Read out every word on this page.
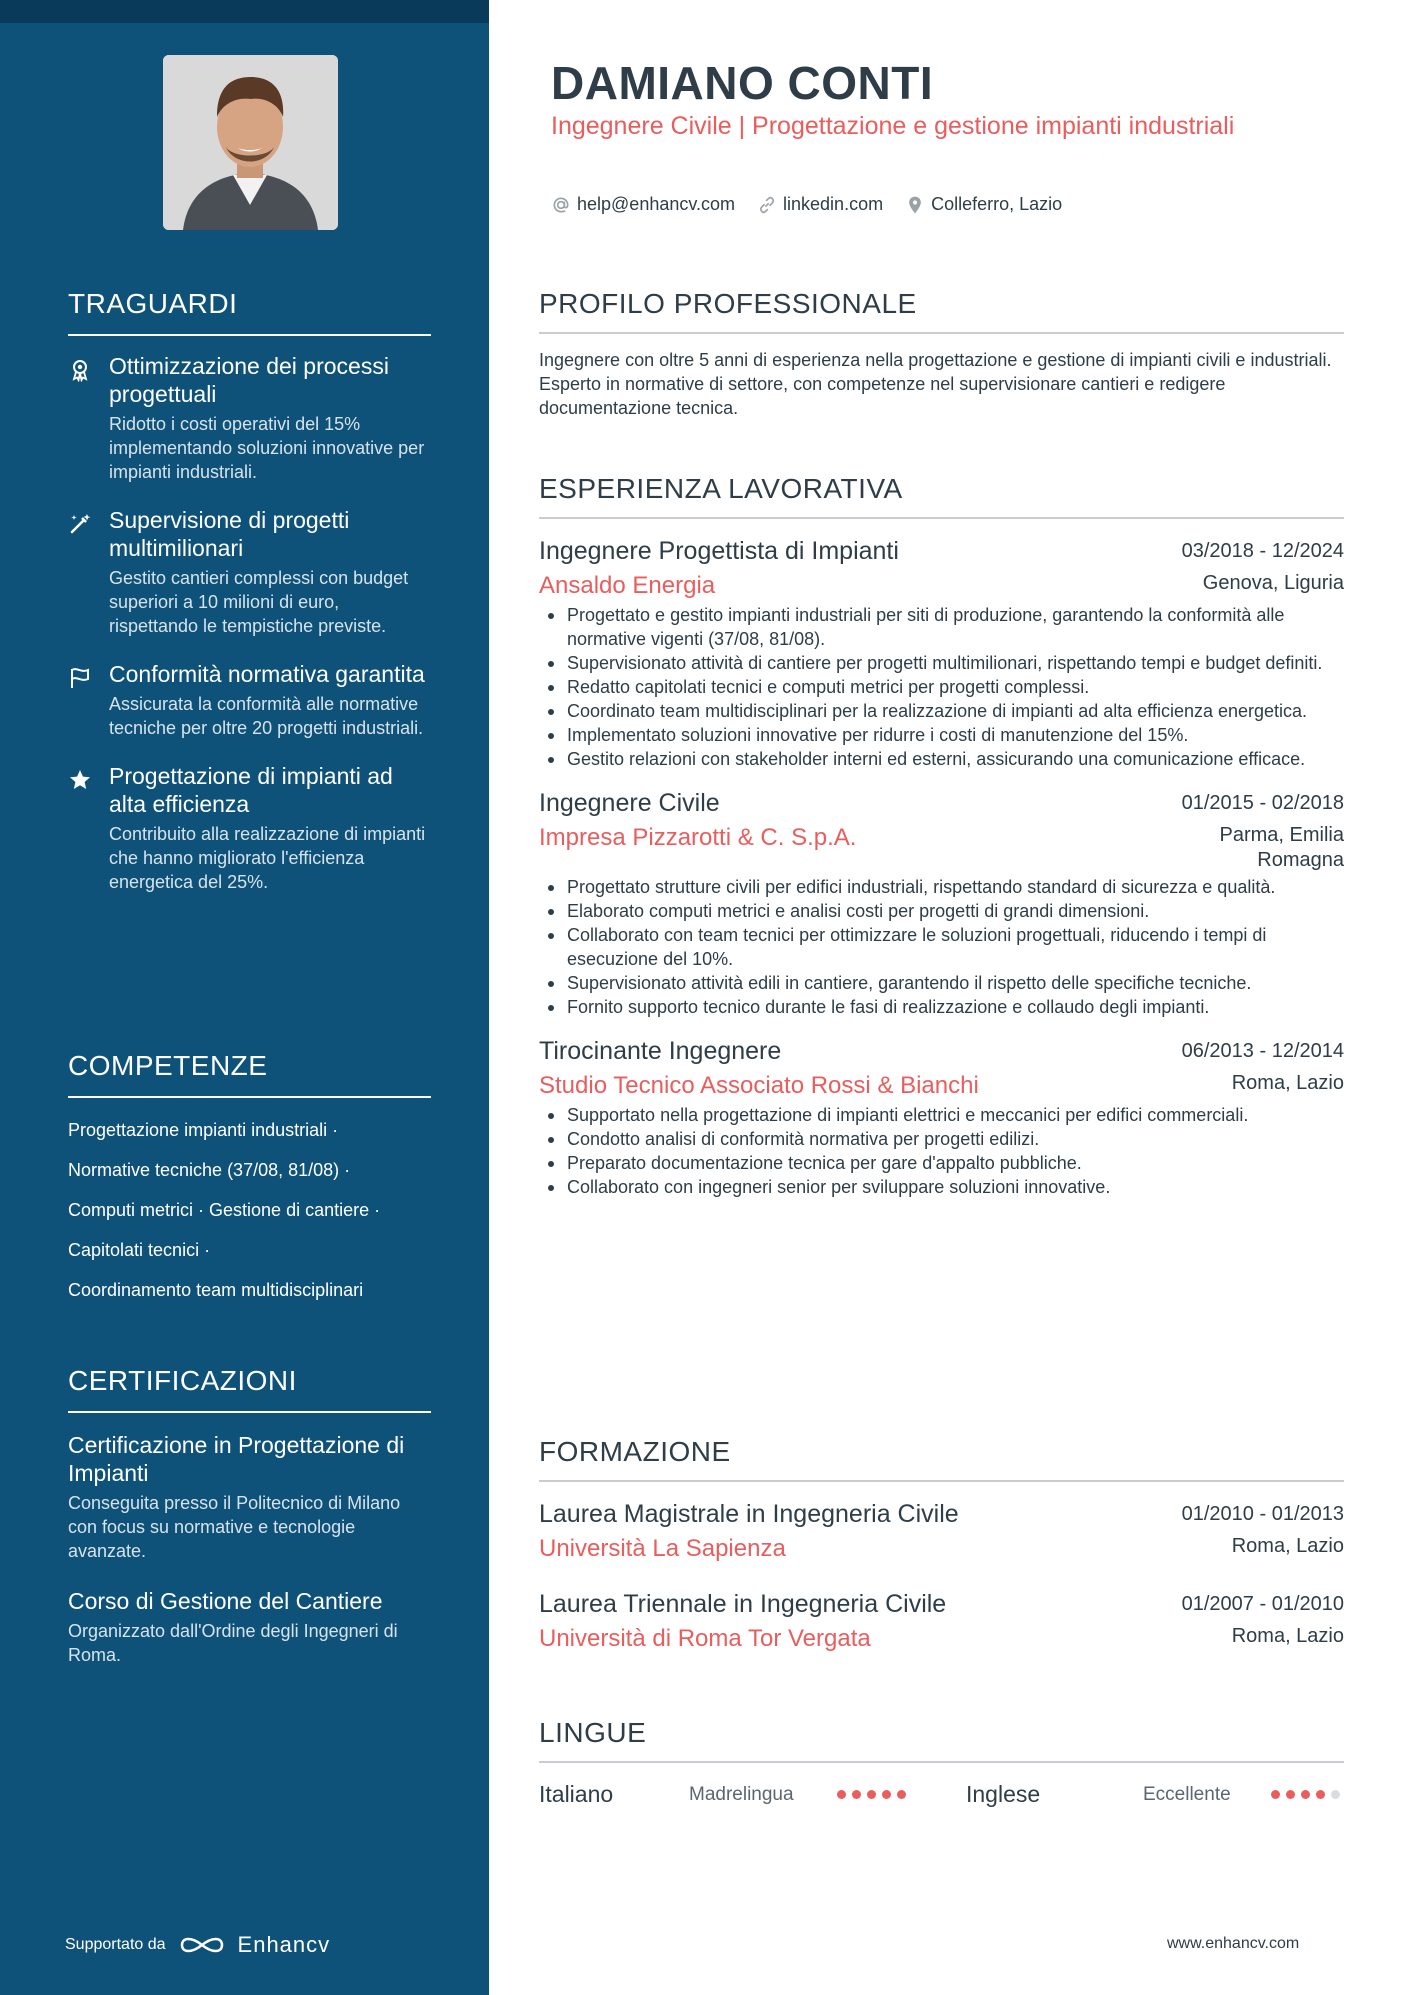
TRAGUARDI
Ottimizzazione dei processi progettuali
Ridotto i costi operativi del 15% implementando soluzioni innovative per impianti industriali.
Supervisione di progetti multimilionari
Gestito cantieri complessi con budget superiori a 10 milioni di euro, rispettando le tempistiche previste.
Conformità normativa garantita
Assicurata la conformità alle normative tecniche per oltre 20 progetti industriali.
Progettazione di impianti ad alta efficienza
Contribuito alla realizzazione di impianti che hanno migliorato l'efficienza energetica del 25%.
COMPETENZE
Progettazione impianti industriali ·
Normative tecniche (37/08, 81/08) ·
Computi metrici · Gestione di cantiere ·
Capitolati tecnici ·
Coordinamento team multidisciplinari
CERTIFICAZIONI
Certificazione in Progettazione di Impianti
Conseguita presso il Politecnico di Milano con focus su normative e tecnologie avanzate.
Corso di Gestione del Cantiere
Organizzato dall'Ordine degli Ingegneri di Roma.
Supportato da	Enhancv
DAMIANO CONTI
Ingegnere Civile | Progettazione e gestione impianti industriali
help@enhancv.com	linkedin.com	Colleferro, Lazio
PROFILO PROFESSIONALE
Ingegnere con oltre 5 anni di esperienza nella progettazione e gestione di impianti civili e industriali. Esperto in normative di settore, con competenze nel supervisionare cantieri e redigere documentazione tecnica.
ESPERIENZA LAVORATIVA
Ingegnere Progettista di Impianti	03/2018 - 12/2024
Ansaldo Energia	Genova, Liguria
Progettato e gestito impianti industriali per siti di produzione, garantendo la conformità alle normative vigenti (37/08, 81/08).
Supervisionato attività di cantiere per progetti multimilionari, rispettando tempi e budget definiti.
Redatto capitolati tecnici e computi metrici per progetti complessi.
Coordinato team multidisciplinari per la realizzazione di impianti ad alta efficienza energetica.
Implementato soluzioni innovative per ridurre i costi di manutenzione del 15%.
Gestito relazioni con stakeholder interni ed esterni, assicurando una comunicazione efficace.
Ingegnere Civile	01/2015 - 02/2018
Impresa Pizzarotti & C. S.p.A.	Parma, Emilia Romagna
Progettato strutture civili per edifici industriali, rispettando standard di sicurezza e qualità.
Elaborato computi metrici e analisi costi per progetti di grandi dimensioni.
Collaborato con team tecnici per ottimizzare le soluzioni progettuali, riducendo i tempi di esecuzione del 10%.
Supervisionato attività edili in cantiere, garantendo il rispetto delle specifiche tecniche.
Fornito supporto tecnico durante le fasi di realizzazione e collaudo degli impianti.
Tirocinante Ingegnere	06/2013 - 12/2014
Studio Tecnico Associato Rossi & Bianchi	Roma, Lazio
Supportato nella progettazione di impianti elettrici e meccanici per edifici commerciali.
Condotto analisi di conformità normativa per progetti edilizi.
Preparato documentazione tecnica per gare d'appalto pubbliche.
Collaborato con ingegneri senior per sviluppare soluzioni innovative.
FORMAZIONE
Laurea Magistrale in Ingegneria Civile	01/2010 - 01/2013
Università La Sapienza	Roma, Lazio
Laurea Triennale in Ingegneria Civile	01/2007 - 01/2010
Università di Roma Tor Vergata	Roma, Lazio
LINGUE
Italiano	Madrelingua	Inglese	Eccellente
www.enhancv.com
